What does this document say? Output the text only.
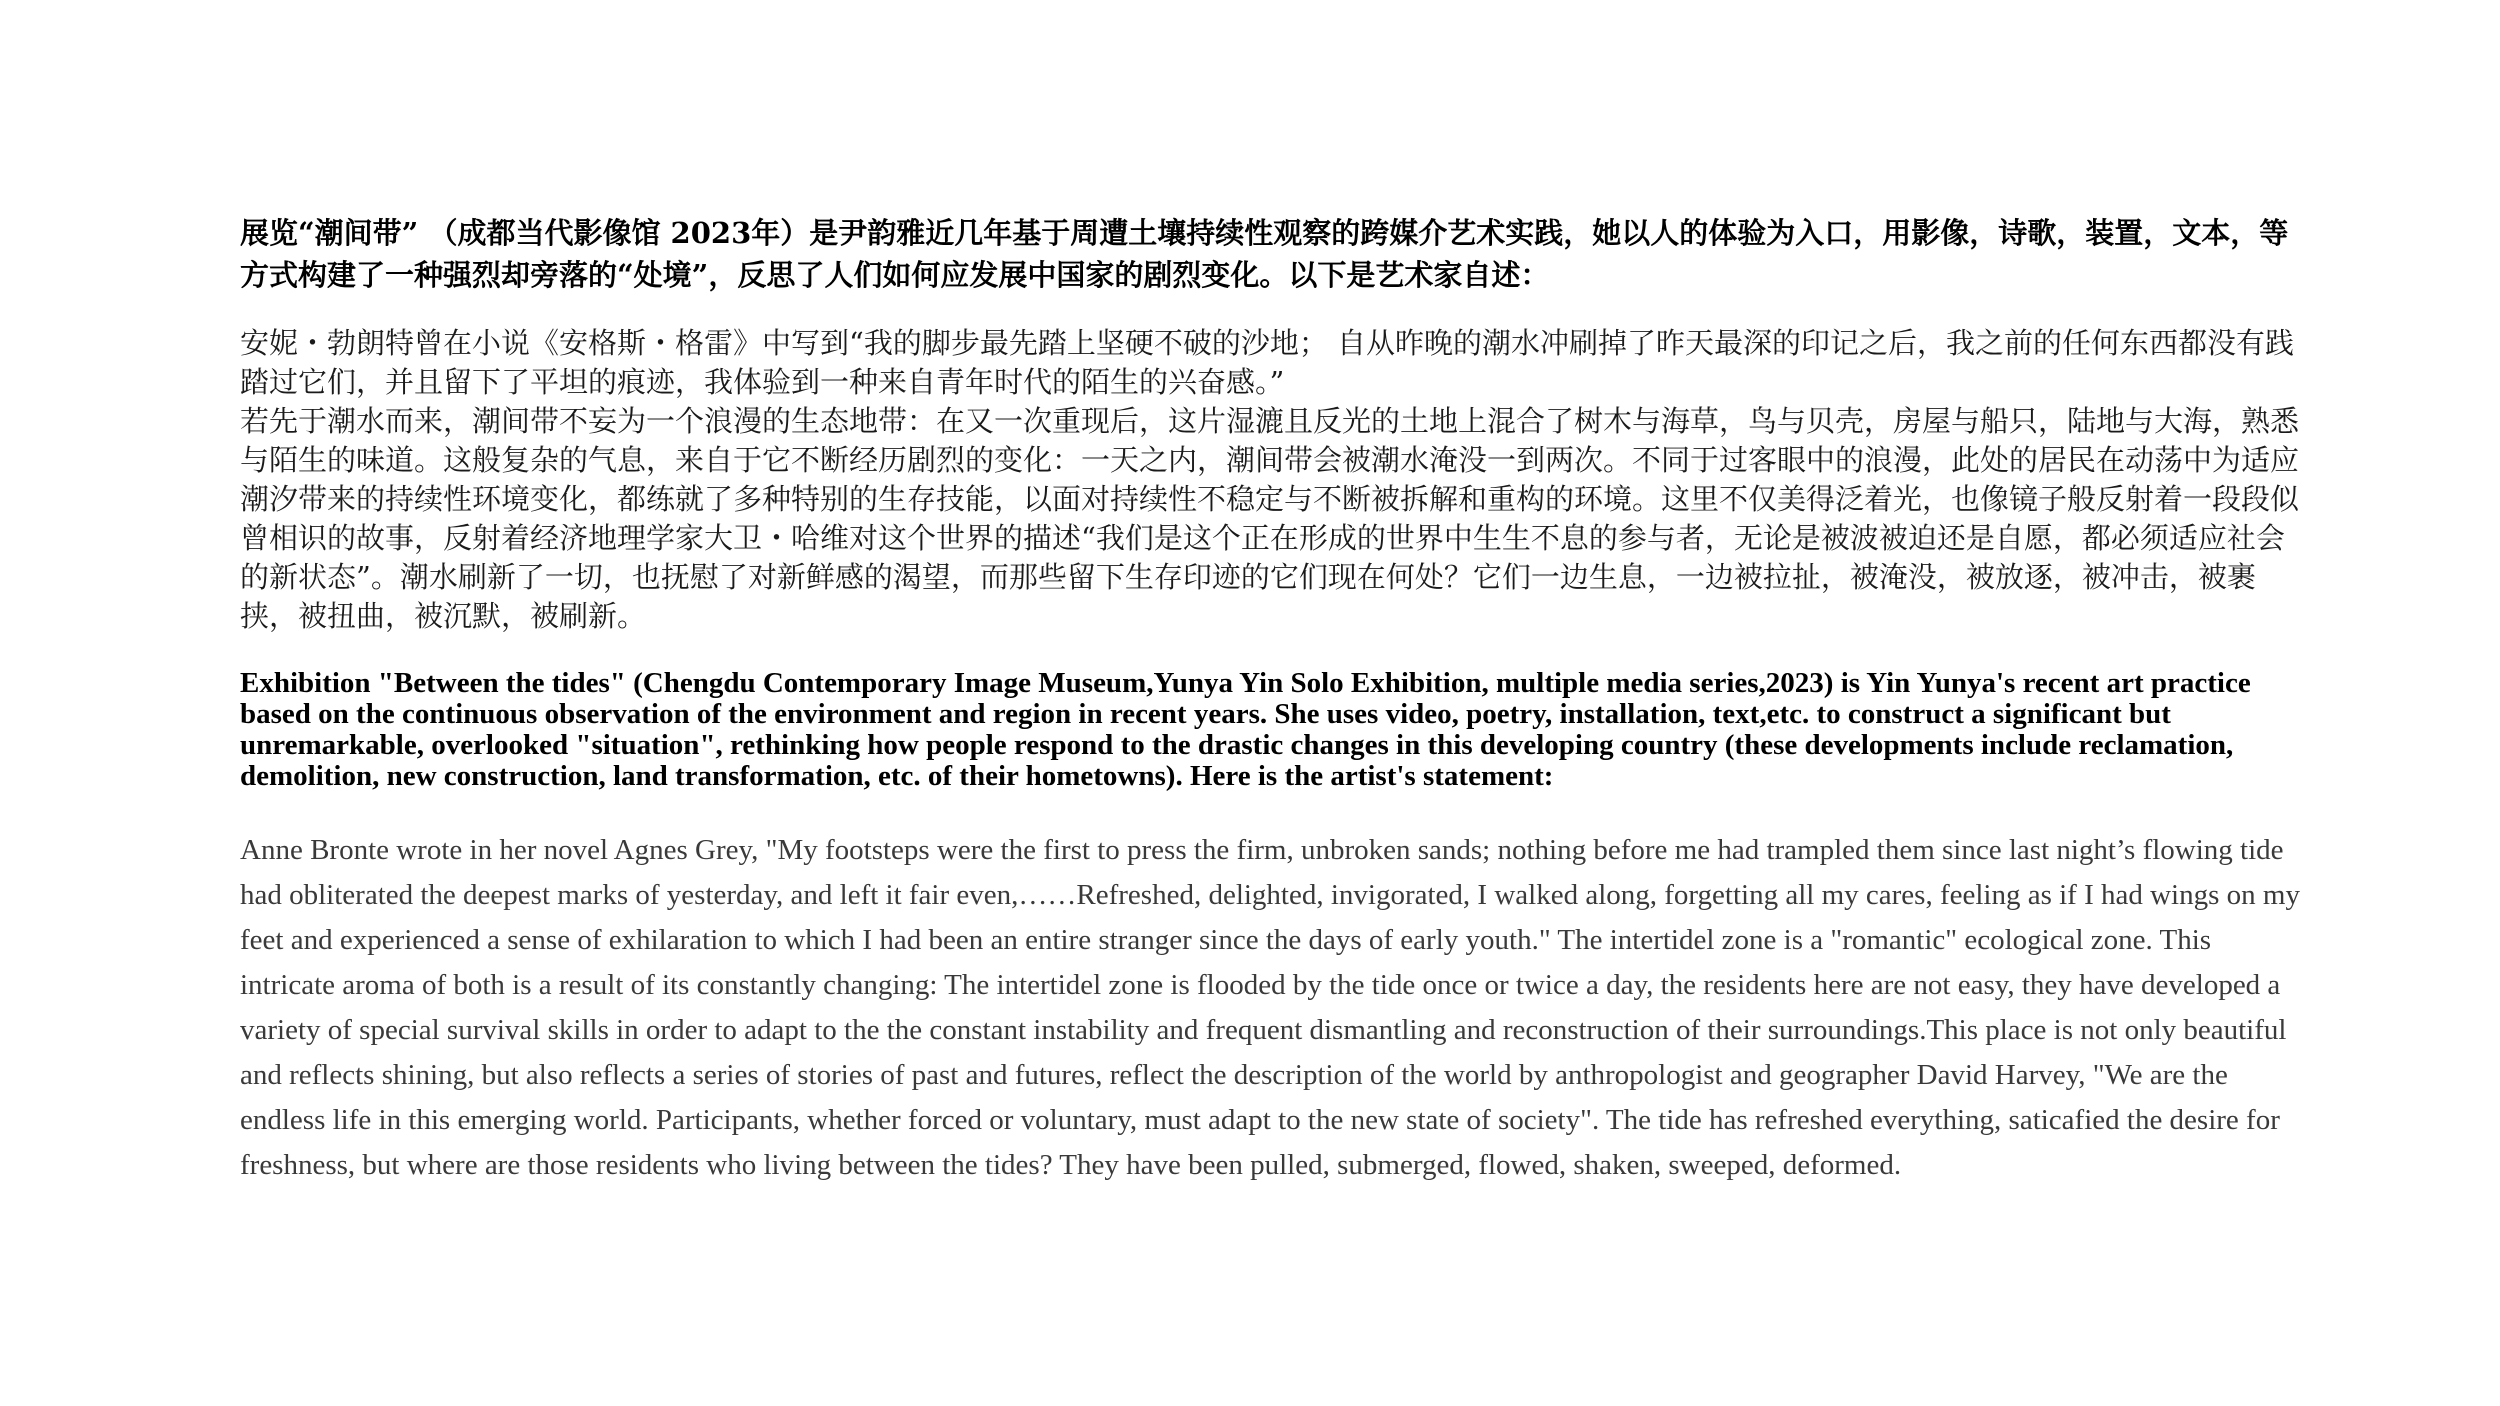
展览“潮间带” （成都当代影像馆 2023年）是尹韵雅近几年基于周遭土壤持续性观察的跨媒介艺术实践，她以人的体验为入口，用影像，诗歌，装置，文本，等方式构建了一种强烈却旁落的“处境”，反思了人们如何应发展中国家的剧烈变化。以下是艺术家自述：

安妮・勃朗特曾在小说《安格斯・格雷》中写到“我的脚步最先踏上坚硬不破的沙地； 自从昨晚的潮水冲刷掉了昨天最深的印记之后，我之前的任何东西都没有践踏过它们，并且留下了平坦的痕迹，我体验到一种来自青年时代的陌生的兴奋感。”

若先于潮水而来，潮间带不妄为一个浪漫的生态地带：在又一次重现后，这片湿漉且反光的土地上混合了树木与海草，鸟与贝壳，房屋与船只，陆地与大海，熟悉与陌生的味道。这般复杂的气息，来自于它不断经历剧烈的变化：一天之内，潮间带会被潮水淹没一到两次。不同于过客眼中的浪漫，此处的居民在动荡中为适应潮汐带来的持续性环境变化，都练就了多种特别的生存技能，以面对持续性不稳定与不断被拆解和重构的环境。这里不仅美得泛着光，也像镜子般反射着一段段似曾相识的故事，反射着经济地理学家大卫・哈维对这个世界的描述“我们是这个正在形成的世界中生生不息的参与者，无论是被波被迫还是自愿，都必须适应社会的新状态”。潮水刷新了一切，也抚慰了对新鲜感的渴望，而那些留下生存印迹的它们现在何处？它们一边生息，一边被拉扯，被淹没，被放逐，被冲击，被裹挟，被扭曲，被沉默，被刷新。

Exhibition "Between the tides" (Chengdu Contemporary Image Museum,Yunya Yin Solo Exhibition, multiple media series,2023) is Yin Yunya's recent art practice based on the continuous observation of the environment and region in recent years. She uses video, poetry, installation, text,etc. to construct a significant but unremarkable, overlooked "situation", rethinking how people respond to the drastic changes in this developing country (these developments include reclamation, demolition, new construction, land transformation, etc. of their hometowns). Here is the artist's statement:

Anne Bronte wrote in her novel Agnes Grey, "My footsteps were the first to press the firm, unbroken sands; nothing before me had trampled them since last night’s flowing tide had obliterated the deepest marks of yesterday, and left it fair even,……Refreshed, delighted, invigorated, I walked along, forgetting all my cares, feeling as if I had wings on my feet and experienced a sense of exhilaration to which I had been an entire stranger since the days of early youth." The intertidel zone is a "romantic" ecological zone. This intricate aroma of both is a result of its constantly changing: The intertidel zone is flooded by the tide once or twice a day, the residents here are not easy, they have developed a variety of special survival skills in order to adapt to the the constant instability and frequent dismantling and reconstruction of their surroundings.This place is not only beautiful and reflects shining, but also reflects a series of stories of past and futures, reflect the description of the world by anthropologist and geographer David Harvey, "We are the endless life in this emerging world. Participants, whether forced or voluntary, must adapt to the new state of society". The tide has refreshed everything, saticafied the desire for freshness, but where are those residents who living between the tides? They have been pulled, submerged, flowed, shaken, sweeped, deformed.
